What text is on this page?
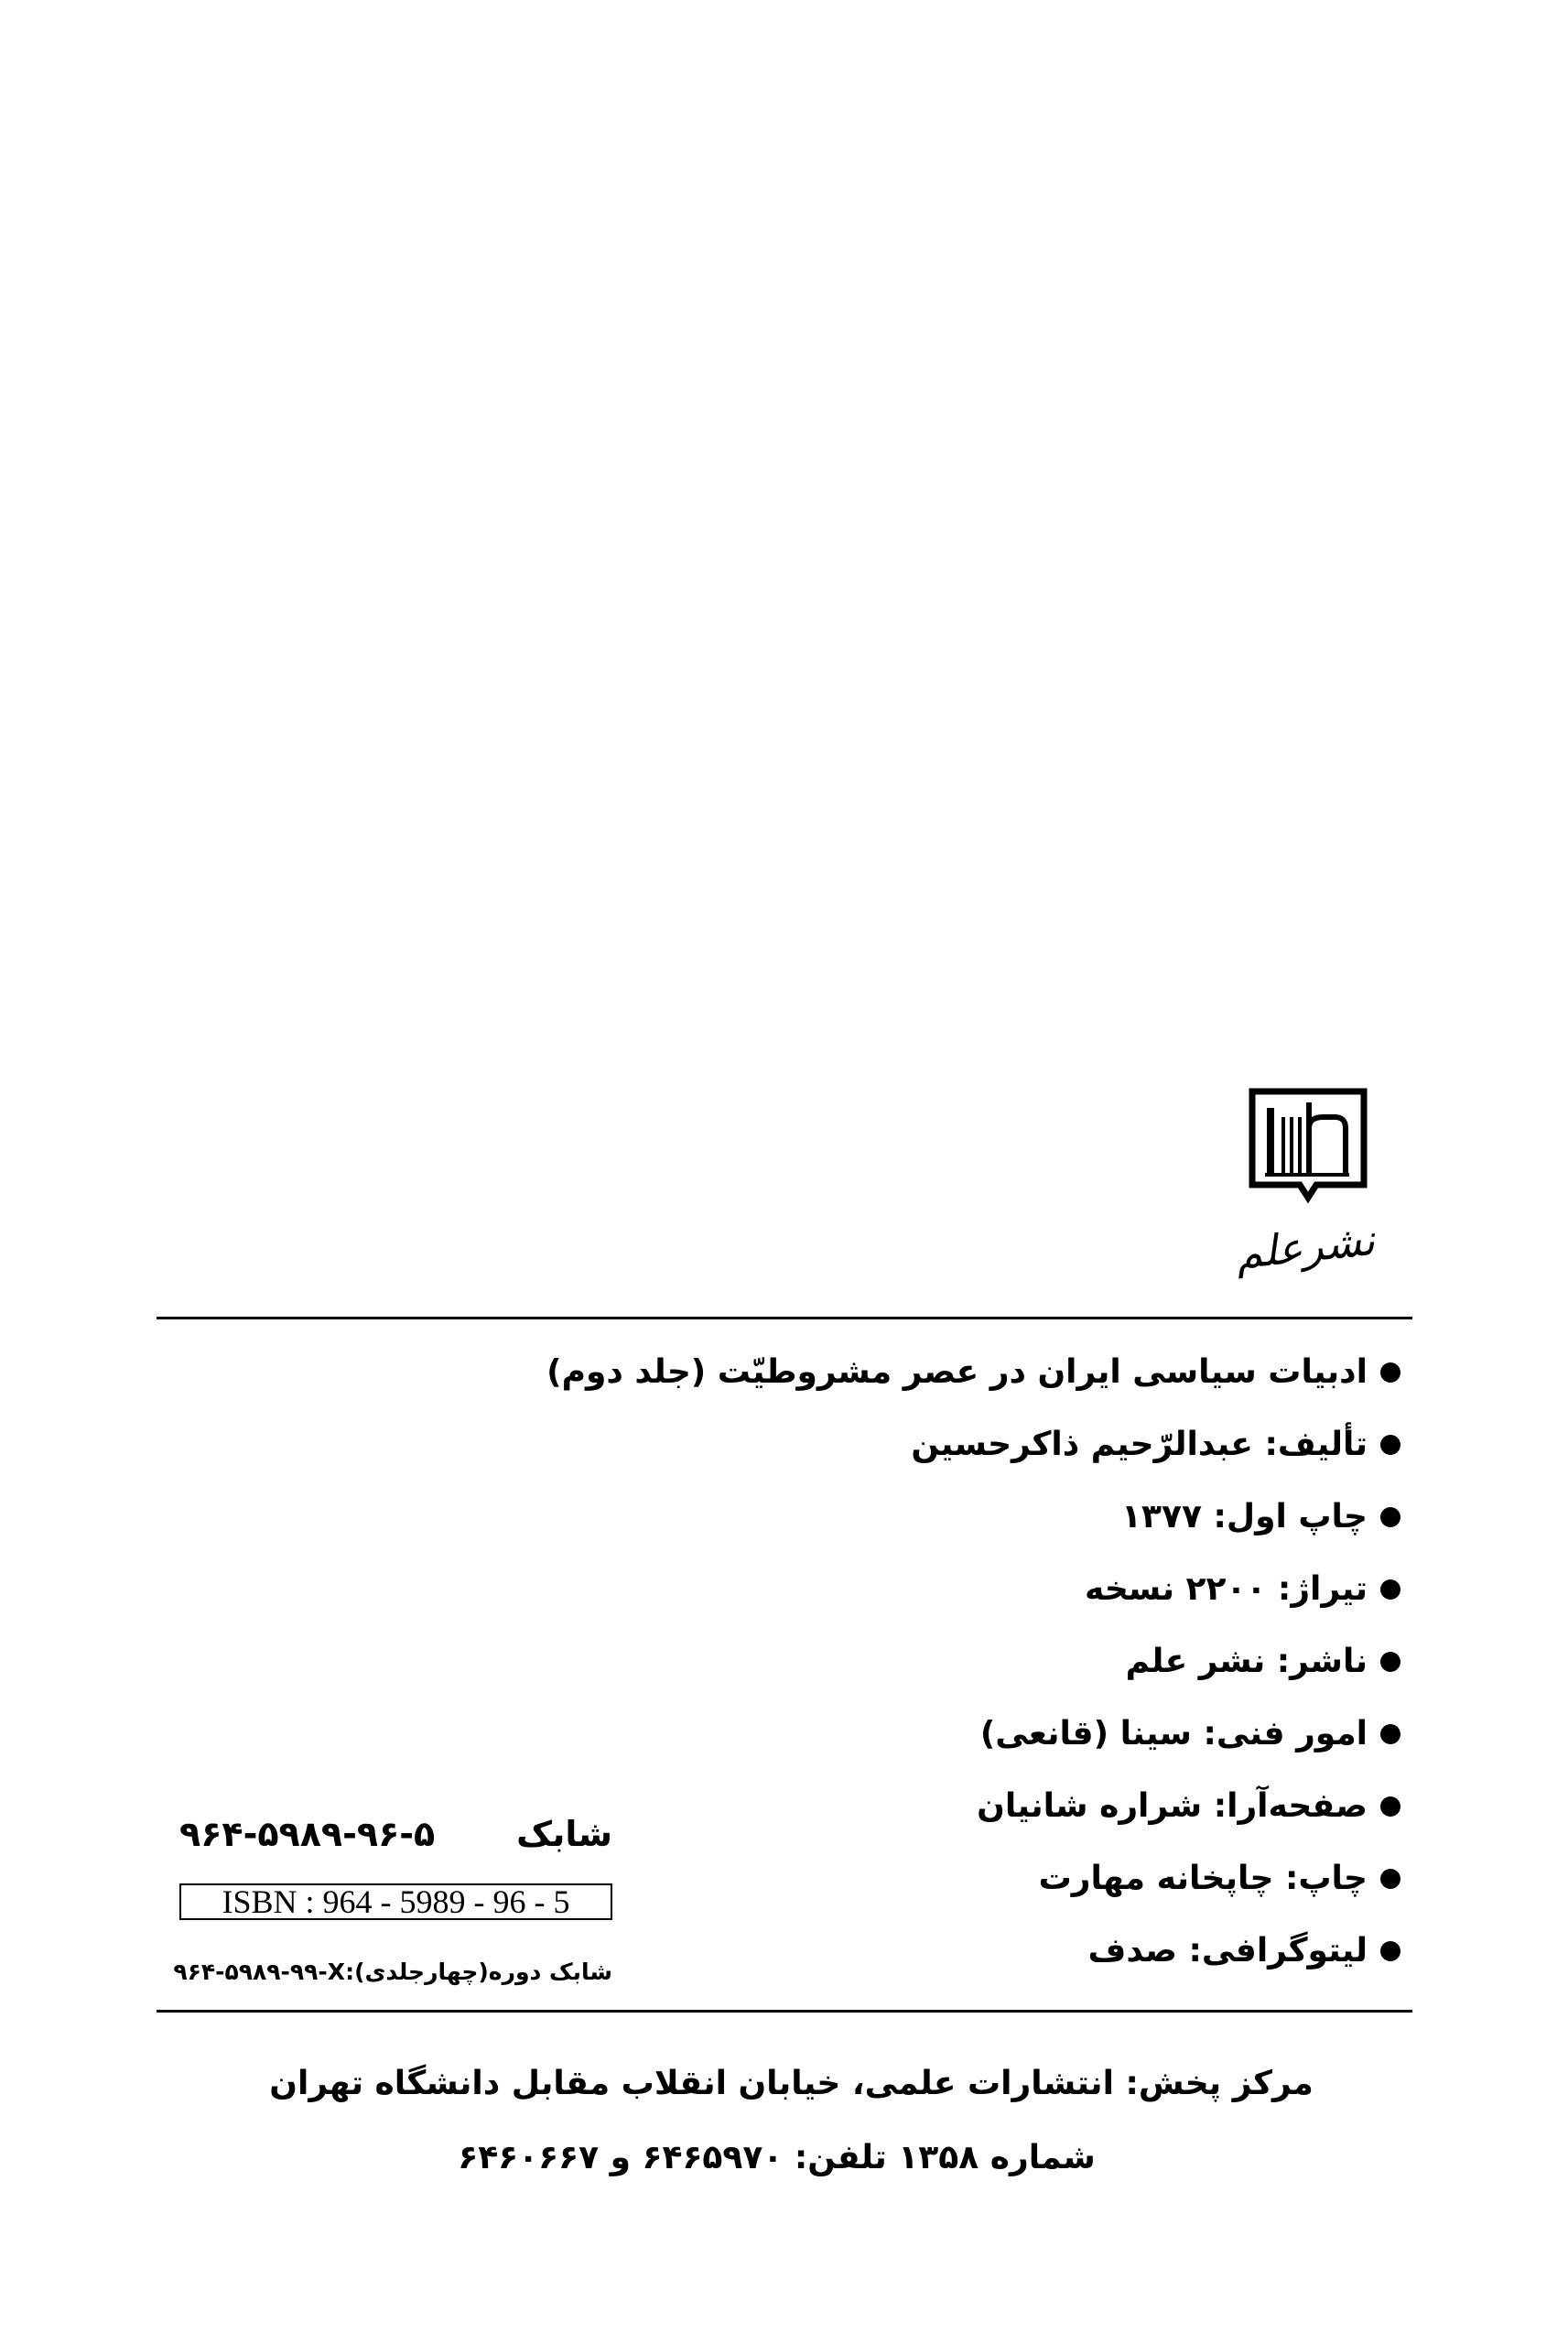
نشرعلم
ادبیات سیاسی ایران در عصر مشروطیّت (جلد دوم)
تألیف: عبدالرّحیم ذاکرحسین
چاپ اول: ۱۳۷۷
تیراژ: ۲۲۰۰ نسخه
ناشر: نشر علم
امور فنی: سینا (قانعی)
صفحه‌آرا: شراره شانیان
چاپ: چاپخانه مهارت
لیتوگرافی: صدف
۹۶۴-۵۹۸۹-۹۶-۵ شابک
ISBN : 964 - 5989 - 96 - 5
۹۶۴-۵۹۸۹-۹۹-X شابک دوره(چهارجلدی):
مرکز پخش: انتشارات علمی، خیابان انقلاب مقابل دانشگاه تهران
شماره ۱۳۵۸ تلفن: ۶۴۶۵۹۷۰ و ۶۴۶۰۶۶۷
